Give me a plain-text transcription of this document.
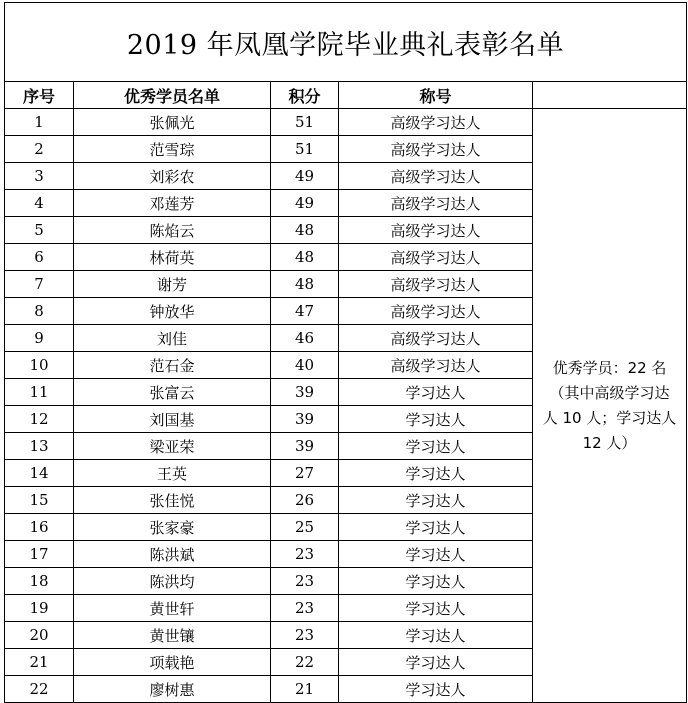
2019 年凤凰学院毕业典礼表彰名单				
序号	优秀学员名单	积分	称号	
1	张佩光	51	高级学习达人	优秀学员：22 名
（其中高级学习达
人 10 人；学习达人
12 人）

2	范雪琮	51	高级学习达人	
3	刘彩农	49	高级学习达人	
4	邓莲芳	49	高级学习达人	
5	陈焰云	48	高级学习达人	
6	林荷英	48	高级学习达人	
7	谢芳	48	高级学习达人	
8	钟放华	47	高级学习达人	
9	刘佳	46	高级学习达人	
10	范石金	40	高级学习达人	
11	张富云	39	学习达人	
12	刘国基	39	学习达人	
13	梁亚荣	39	学习达人	
14	王英	27	学习达人	
15	张佳悦	26	学习达人	
16	张家豪	25	学习达人	
17	陈洪斌	23	学习达人	
18	陈洪均	23	学习达人	
19	黄世轩	23	学习达人	
20	黄世镶	23	学习达人	
21	项载艳	22	学习达人	
22	廖树惠	21	学习达人	
